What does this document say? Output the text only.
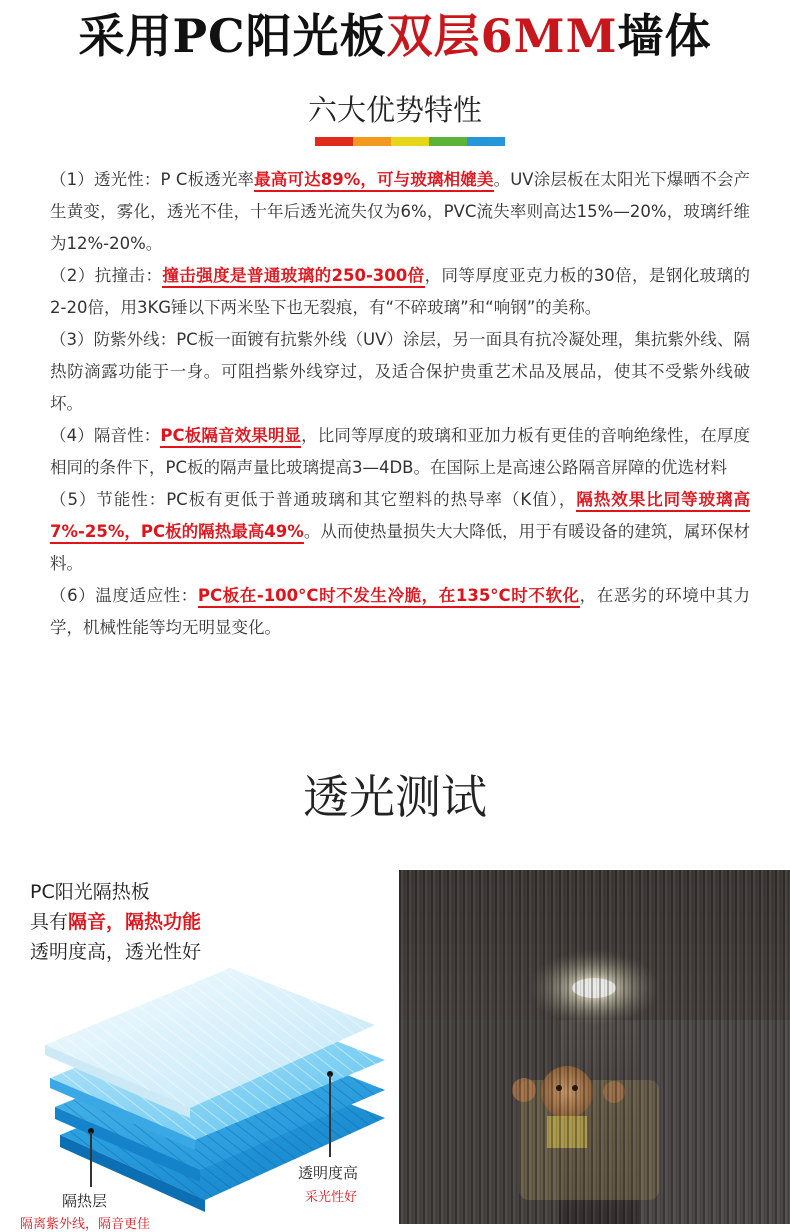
采用PC阳光板双层6MM墙体
六大优势特性
（1）透光性：P C板透光率最高可达89%，可与玻璃相媲美。UV涂层板在太阳光下爆晒不会产生黄变，雾化，透光不佳，十年后透光流失仅为6%，PVC流失率则高达15%—20%，玻璃纤维为12%-20%。
（2）抗撞击：撞击强度是普通玻璃的250-300倍，同等厚度亚克力板的30倍，是钢化玻璃的2-20倍，用3KG锤以下两米坠下也无裂痕，有“不碎玻璃”和“响钢”的美称。
（3）防紫外线：PC板一面镀有抗紫外线（UV）涂层，另一面具有抗冷凝处理，集抗紫外线、隔热防滴露功能于一身。可阻挡紫外线穿过，及适合保护贵重艺术品及展品，使其不受紫外线破坏。
（4）隔音性：PC板隔音效果明显，比同等厚度的玻璃和亚加力板有更佳的音响绝缘性，在厚度相同的条件下，PC板的隔声量比玻璃提高3—4DB。在国际上是高速公路隔音屏障的优选材料
（5）节能性：PC板有更低于普通玻璃和其它塑料的热导率（K值），隔热效果比同等玻璃高7%-25%，PC板的隔热最高49%。从而使热量损失大大降低，用于有暖设备的建筑，属环保材料。
（6）温度适应性：PC板在-100°C时不发生冷脆，在135°C时不软化，在恶劣的环境中其力学，机械性能等均无明显变化。
透光测试
PC阳光隔热板
具有隔音，隔热功能
透明度高，透光性好
隔热层
隔离紫外线，隔音更佳
透明度高
采光性好
